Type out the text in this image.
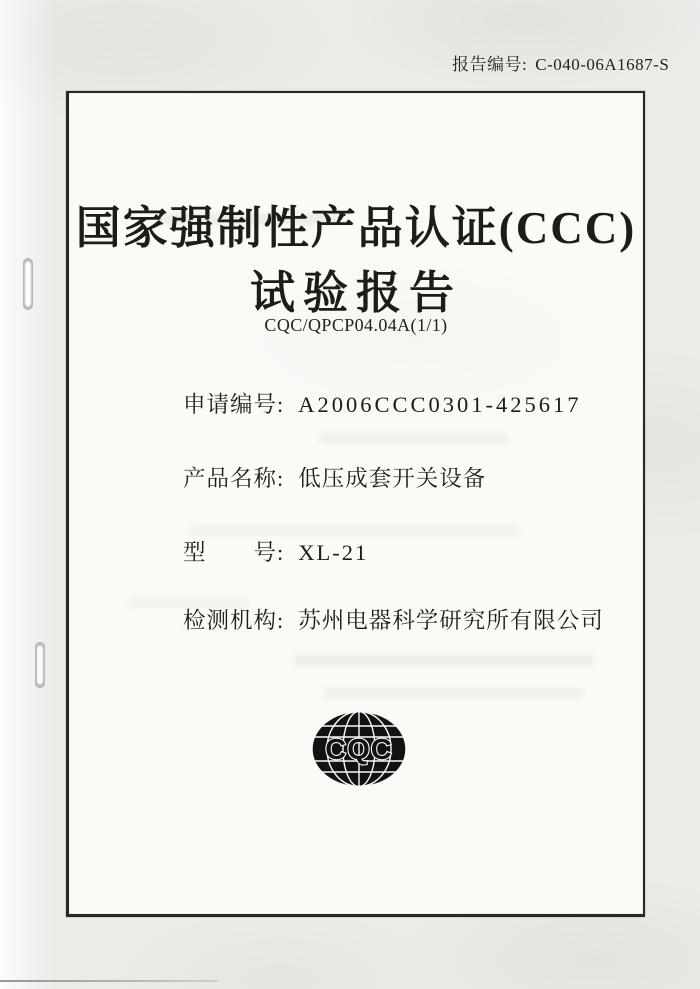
报告编号: C-040-06A1687-S
国家强制性产品认证(CCC)
试验报告
CQC/QPCP04.04A(1/1)
申请编号: A2006CCC0301-425617
产品名称: 低压成套开关设备
型　　号: XL-21
检测机构: 苏州电器科学研究所有限公司
CQC
